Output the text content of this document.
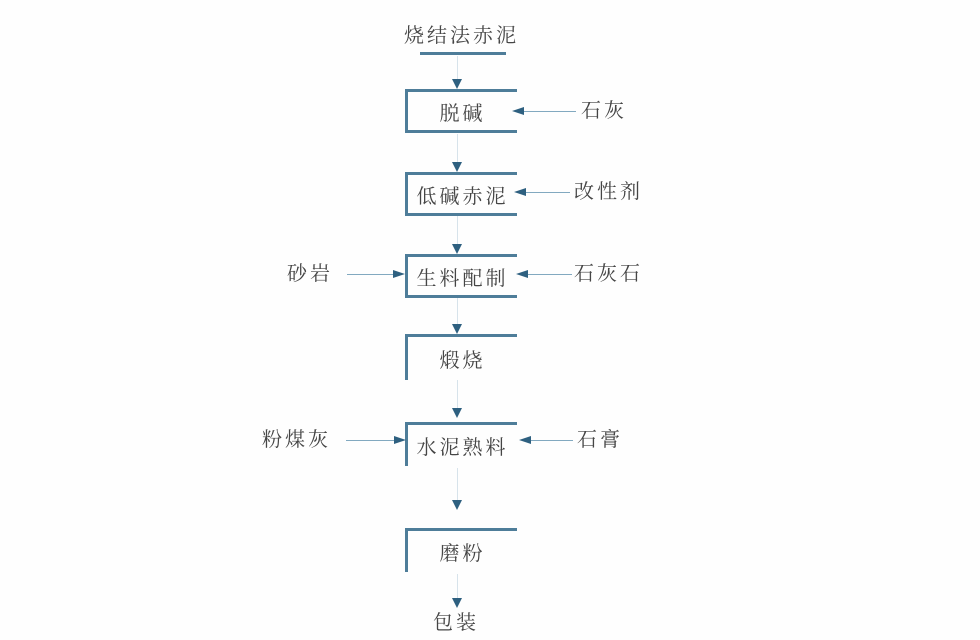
烧结法赤泥
脱碱
低碱赤泥
生料配制
煅烧
水泥熟料
磨粉
石灰
改性剂
砂岩	石灰石
粉煤灰	石膏
包装
